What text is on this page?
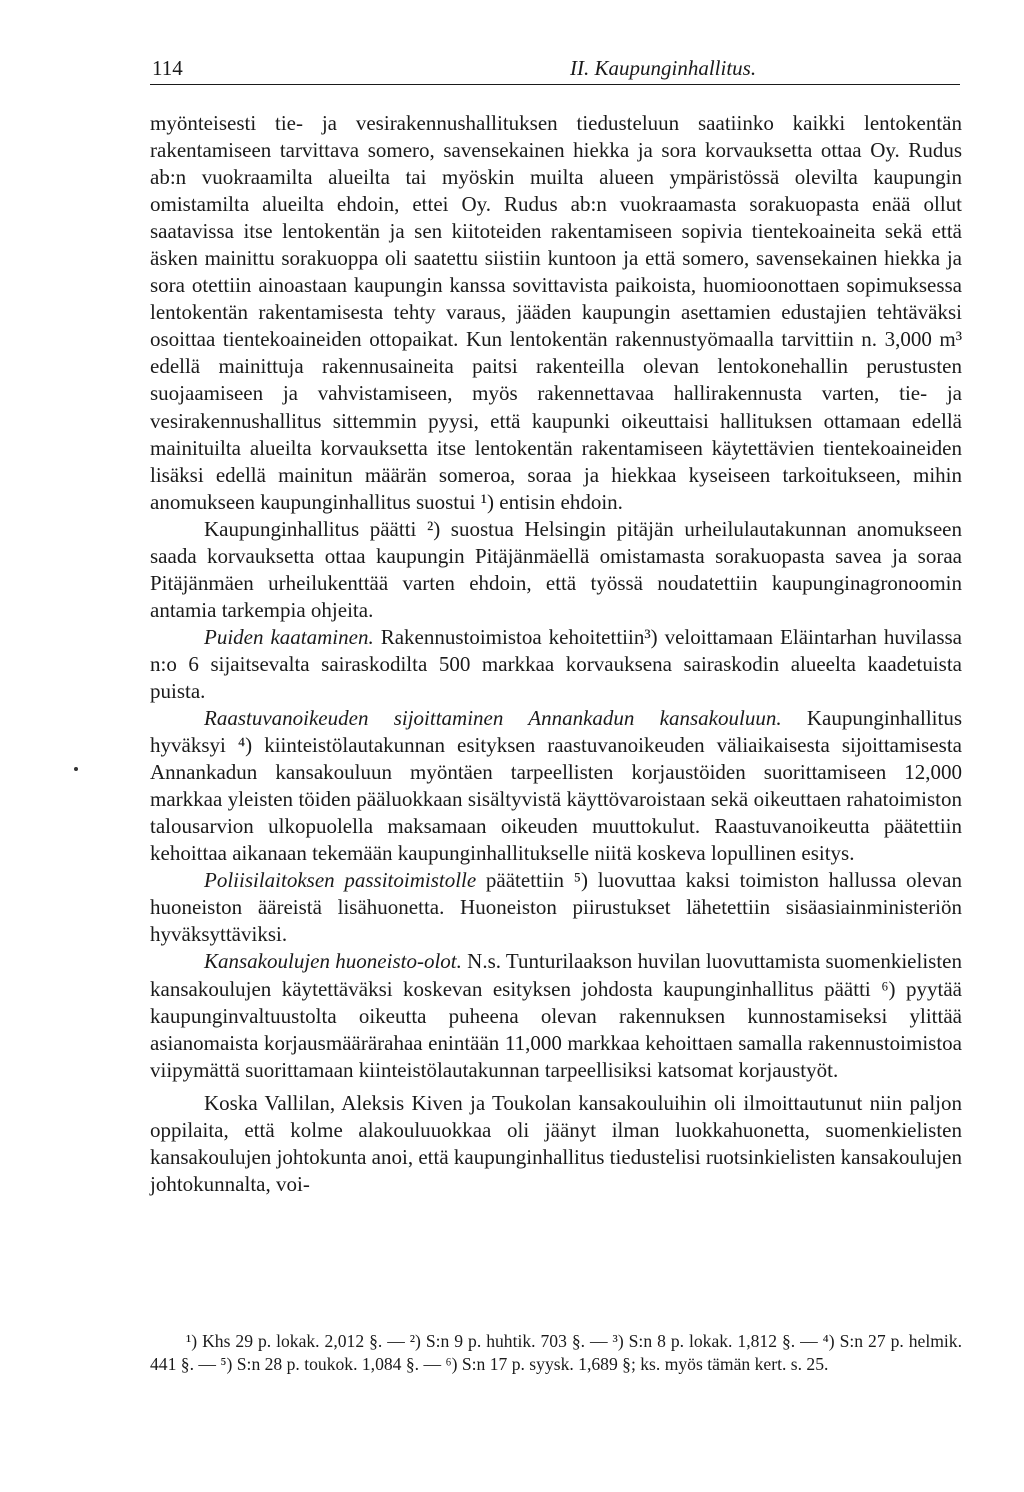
114	II. Kaupunginhallitus.

myönteisesti tie- ja vesirakennushallituksen tiedusteluun saatiinko kaikki lentokentän rakentamiseen tarvittava somero, savensekainen hiekka ja sora korvauksetta ottaa Oy. Rudus ab:n vuokraamilta alueilta tai myöskin muilta alueen ympäristössä olevilta kaupungin omistamilta alueilta ehdoin, ettei Oy. Rudus ab:n vuokraamasta sorakuopasta enää ollut saatavissa itse lentokentän ja sen kiitoteiden rakentamiseen sopivia tientekoaineita sekä että äsken mainittu sorakuoppa oli saatettu siistiin kuntoon ja että somero, savensekainen hiekka ja sora otettiin ainoastaan kaupungin kanssa sovittavista paikoista, huomioonottaen sopimuksessa lentokentän rakentamisesta tehty varaus, jääden kaupungin asettamien edustajien tehtäväksi osoittaa tientekoaineiden ottopaikat. Kun lentokentän rakennustyömaalla tarvittiin n. 3,000 m³ edellä mainittuja rakennusaineita paitsi rakenteilla olevan lentokonehallin perustusten suojaamiseen ja vahvistamiseen, myös rakennettavaa hallirakennusta varten, tie- ja vesirakennushallitus sittemmin pyysi, että kaupunki oikeuttaisi hallituksen ottamaan edellä mainituilta alueilta korvauksetta itse lentokentän rakentamiseen käytettävien tientekoaineiden lisäksi edellä mainitun määrän someroa, soraa ja hiekkaa kyseiseen tarkoitukseen, mihin anomukseen kaupunginhallitus suostui ¹) entisin ehdoin.

Kaupunginhallitus päätti ²) suostua Helsingin pitäjän urheilulautakunnan anomukseen saada korvauksetta ottaa kaupungin Pitäjänmäellä omistamasta sorakuopasta savea ja soraa Pitäjänmäen urheilukenttää varten ehdoin, että työssä noudatettiin kaupunginagronoomin antamia tarkempia ohjeita.

Puiden kaataminen. Rakennustoimistoa kehoitettiin³) veloittamaan Eläintarhan huvilassa n:o 6 sijaitsevalta sairaskodilta 500 markkaa korvauksena sairaskodin alueelta kaadetuista puista.

Raastuvanoikeuden sijoittaminen Annankadun kansakouluun. Kaupunginhallitus hyväksyi ⁴) kiinteistölautakunnan esityksen raastuvanoikeuden väliaikaisesta sijoittamisesta Annankadun kansakouluun myöntäen tarpeellisten korjaustöiden suorittamiseen 12,000 markkaa yleisten töiden pääluokkaan sisältyvistä käyttövaroistaan sekä oikeuttaen rahatoimiston talousarvion ulkopuolella maksamaan oikeuden muuttokulut. Raastuvanoikeutta päätettiin kehoittaa aikanaan tekemään kaupunginhallitukselle niitä koskeva lopullinen esitys.

Poliisilaitoksen passitoimistolle päätettiin ⁵) luovuttaa kaksi toimiston hallussa olevan huoneiston ääreistä lisähuonetta. Huoneiston piirustukset lähetettiin sisäasiainministeriön hyväksyttäviksi.

Kansakoulujen huoneisto-olot. N.s. Tunturilaakson huvilan luovuttamista suomenkielisten kansakoulujen käytettäväksi koskevan esityksen johdosta kaupunginhallitus päätti ⁶) pyytää kaupunginvaltuustolta oikeutta puheena olevan rakennuksen kunnostamiseksi ylittää asianomaista korjausmäärärahaa enintään 11,000 markkaa kehoittaen samalla rakennustoimistoa viipymättä suorittamaan kiinteistölautakunnan tarpeellisiksi katsomat korjaustyöt.

Koska Vallilan, Aleksis Kiven ja Toukolan kansakouluihin oli ilmoittautunut niin paljon oppilaita, että kolme alakouluuokkaa oli jäänyt ilman luokkahuonetta, suomenkielisten kansakoulujen johtokunta anoi, että kaupunginhallitus tiedustelisi ruotsinkielisten kansakoulujen johtokunnalta, voi-

¹) Khs 29 p. lokak. 2,012 §. — ²) S:n 9 p. huhtik. 703 §. — ³) S:n 8 p. lokak. 1,812 §. — ⁴) S:n 27 p. helmik. 441 §. — ⁵) S:n 28 p. toukok. 1,084 §. — ⁶) S:n 17 p. syysk. 1,689 §; ks. myös tämän kert. s. 25.
